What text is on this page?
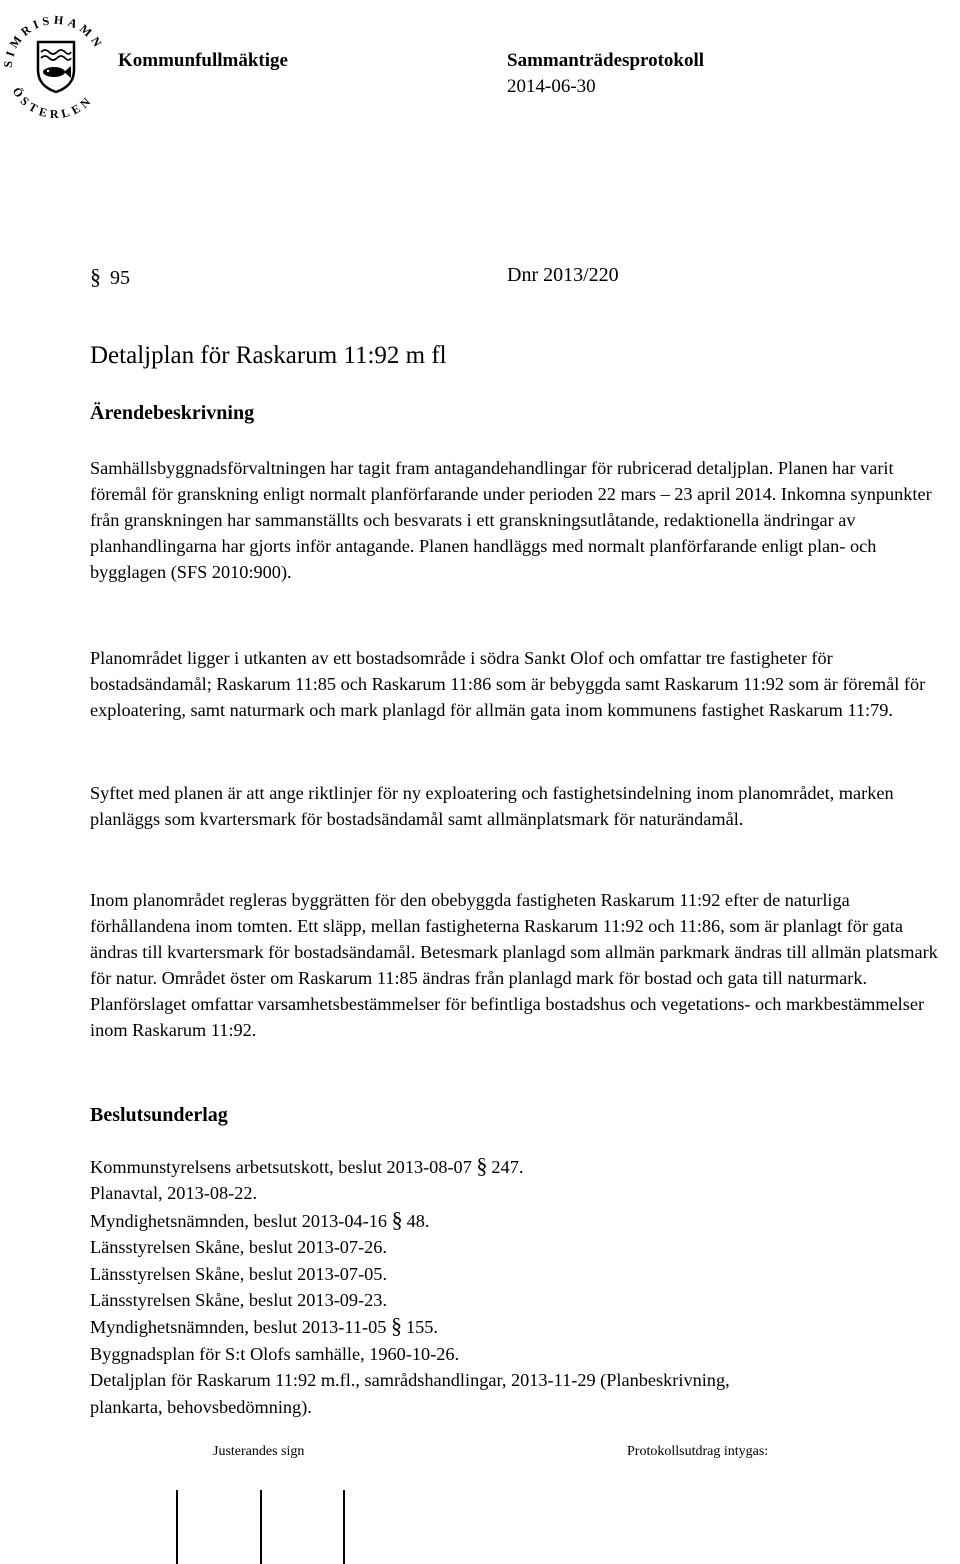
SIMRISHAMN
ÖSTERLEN
Kommunfullmäktige	Sammanträdesprotokoll
2014-06-30
§ 95	Dnr 2013/220
Detaljplan för Raskarum 11:92 m fl
Ärendebeskrivning

Samhällsbyggnadsförvaltningen har tagit fram antagandehandlingar för rubricerad detaljplan. Planen har varit föremål för granskning enligt normalt planförfarande under perioden 22 mars – 23 april 2014. Inkomna synpunkter från granskningen har sammanställts och besvarats i ett granskningsutlåtande, redaktionella ändringar av planhandlingarna har gjorts inför antagande. Planen handläggs med normalt planförfarande enligt plan- och bygglagen (SFS 2010:900).

Planområdet ligger i utkanten av ett bostadsområde i södra Sankt Olof och omfattar tre fastigheter för bostadsändamål; Raskarum 11:85 och Raskarum 11:86 som är bebyggda samt Raskarum 11:92 som är föremål för exploatering, samt naturmark och mark planlagd för allmän gata inom kommunens fastighet Raskarum 11:79.

Syftet med planen är att ange riktlinjer för ny exploatering och fastighetsindelning inom planområdet, marken planläggs som kvartersmark för bostadsändamål samt allmänplatsmark för naturändamål.

Inom planområdet regleras byggrätten för den obebyggda fastigheten Raskarum 11:92 efter de naturliga förhållandena inom tomten. Ett släpp, mellan fastigheterna Raskarum 11:92 och 11:86, som är planlagt för gata ändras till kvartersmark för bostadsändamål. Betesmark planlagd som allmän parkmark ändras till allmän platsmark för natur. Området öster om Raskarum 11:85 ändras från planlagd mark för bostad och gata till naturmark. Planförslaget omfattar varsamhetsbestämmelser för befintliga bostadshus och vegetations- och markbestämmelser inom Raskarum 11:92.

Beslutsunderlag
Kommunstyrelsens arbetsutskott, beslut 2013-08-07 § 247.
Planavtal, 2013-08-22.
Myndighetsnämnden, beslut 2013-04-16 § 48.
Länsstyrelsen Skåne, beslut 2013-07-26.
Länsstyrelsen Skåne, beslut 2013-07-05.
Länsstyrelsen Skåne, beslut 2013-09-23.
Myndighetsnämnden, beslut 2013-11-05 § 155.
Byggnadsplan för S:t Olofs samhälle, 1960-10-26.
Detaljplan för Raskarum 11:92 m.fl., samrådshandlingar, 2013-11-29 (Planbeskrivning,
plankarta, behovsbedömning).
Justerandes sign	Protokollsutdrag intygas:
